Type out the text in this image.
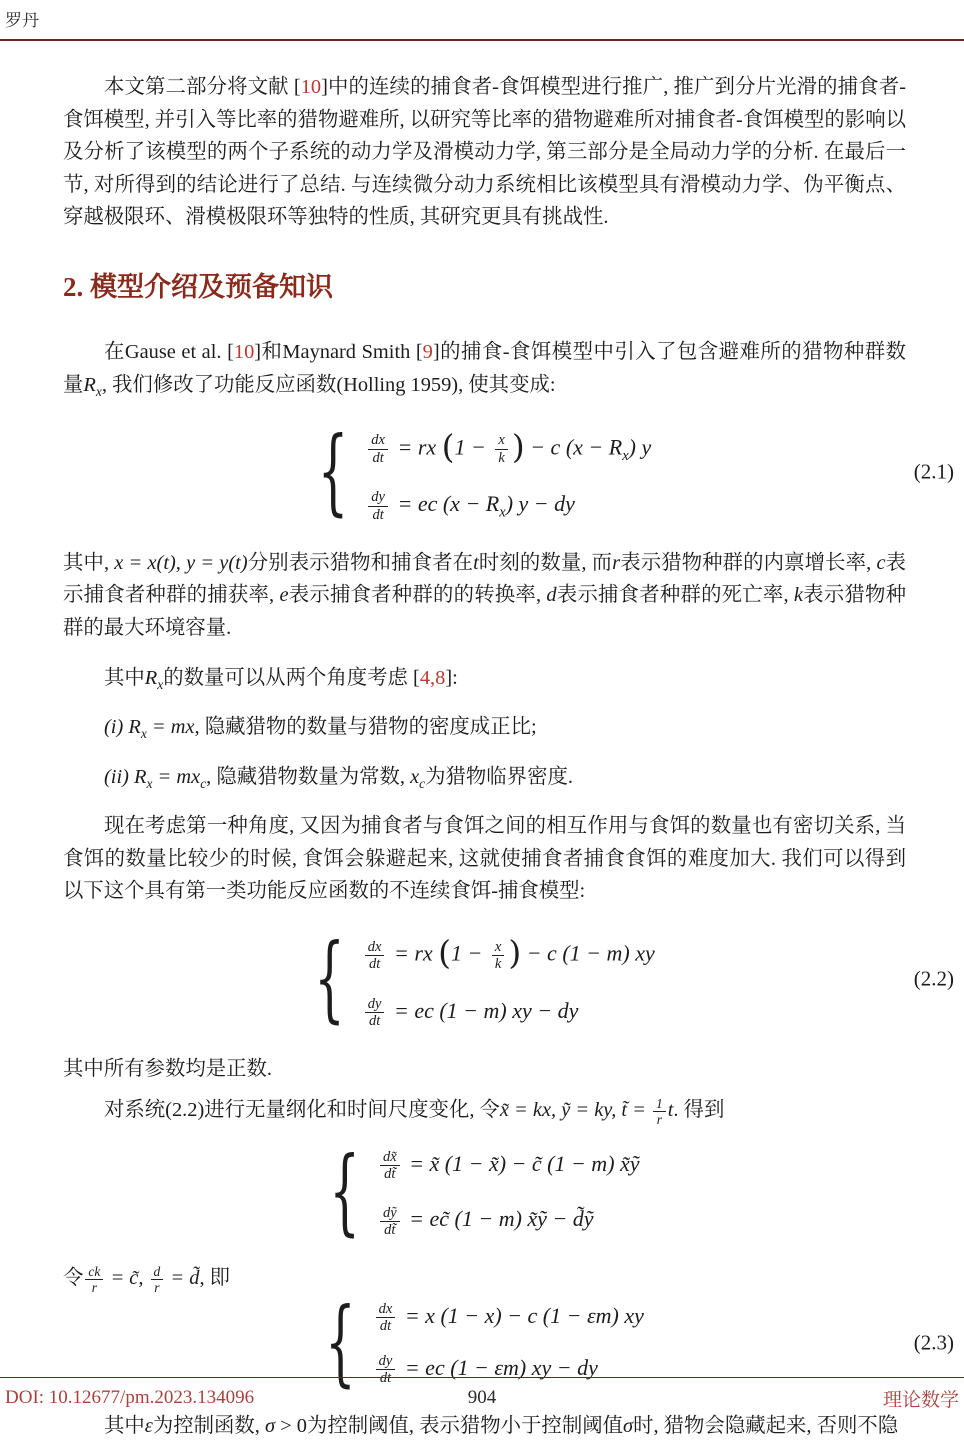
罗丹

本文第二部分将文献 [10]中的连续的捕食者-食饵模型进行推广, 推广到分片光滑的捕食者-食饵模型, 并引入等比率的猎物避难所, 以研究等比率的猎物避难所对捕食者-食饵模型的影响以及分析了该模型的两个子系统的动力学及滑模动力学, 第三部分是全局动力学的分析. 在最后一节, 对所得到的结论进行了总结. 与连续微分动力系统相比该模型具有滑模动力学、伪平衡点、穿越极限环、滑模极限环等独特的性质, 其研究更具有挑战性.

2. 模型介绍及预备知识

在Gause et al. [10]和Maynard Smith [9]的捕食-食饵模型中引入了包含避难所的猎物种群数量$R_x$, 我们修改了功能反应函数(Holling 1959), 使其变成:

{ $\frac{dx}{dt}$ = rx ($1 - \frac{x}{k}$ ) − c $(x - R_x)$ y
$\frac{dy}{dt}$ = ec $(x - R_x)$ y − dy
(2.1)

其中, x = x(t), y = y(t)分别表示猎物和捕食者在t时刻的数量, 而r表示猎物种群的内禀增长率, c表示捕食者种群的捕获率, e表示捕食者种群的的转换率, d表示捕食者种群的死亡率, k表示猎物种群的最大环境容量.

其中$R_x$的数量可以从两个角度考虑 [4,8]:

(i) $R_x$ = mx, 隐藏猎物的数量与猎物的密度成正比;

(ii) $R_x = mx_c$, 隐藏猎物数量为常数, $x_c$为猎物临界密度.

现在考虑第一种角度, 又因为捕食者与食饵之间的相互作用与食饵的数量也有密切关系, 当食饵的数量比较少的时候, 食饵会躲避起来, 这就使捕食者捕食食饵的难度加大. 我们可以得到以下这个具有第一类功能反应函数的不连续食饵-捕食模型:

{ $\frac{dx}{dt}$ = rx ($1 - \frac{x}{k}$ ) − c (1 − m) xy
$\frac{dy}{dt}$ = ec (1 − m) xy − dy
(2.2)

其中所有参数均是正数.

对系统(2.2)进行无量纲化和时间尺度变化, 令x̃ = kx, ỹ = ky, t̃ = $\frac{1}{r} t$. 得到

{ $\frac{dx̃}{dt̃}$ = x̃ (1 − x̃) − c̃ (1 − m) x̃ỹ
$\frac{\text{dỹ}}{dt̃}$ = ec̃ (1 − m) x̃ỹ − d̃ỹ

令 $\frac{ck}{r}$ = c̃, $\frac{d}{r}$ = d̃, 即

{ $\frac{dx}{dt} = x$ (1 − x) − c (1 − εm) xy
$\frac{dy}{dt}$ = ec (1 − εm) xy − dy
(2.3)

其中ε为控制函数, σ > 0为控制阈值, 表示猎物小于控制阈值σ时, 猎物会隐藏起来, 否则不隐

DOI: 10.12677/pm.2023.134096	904	理论数学
